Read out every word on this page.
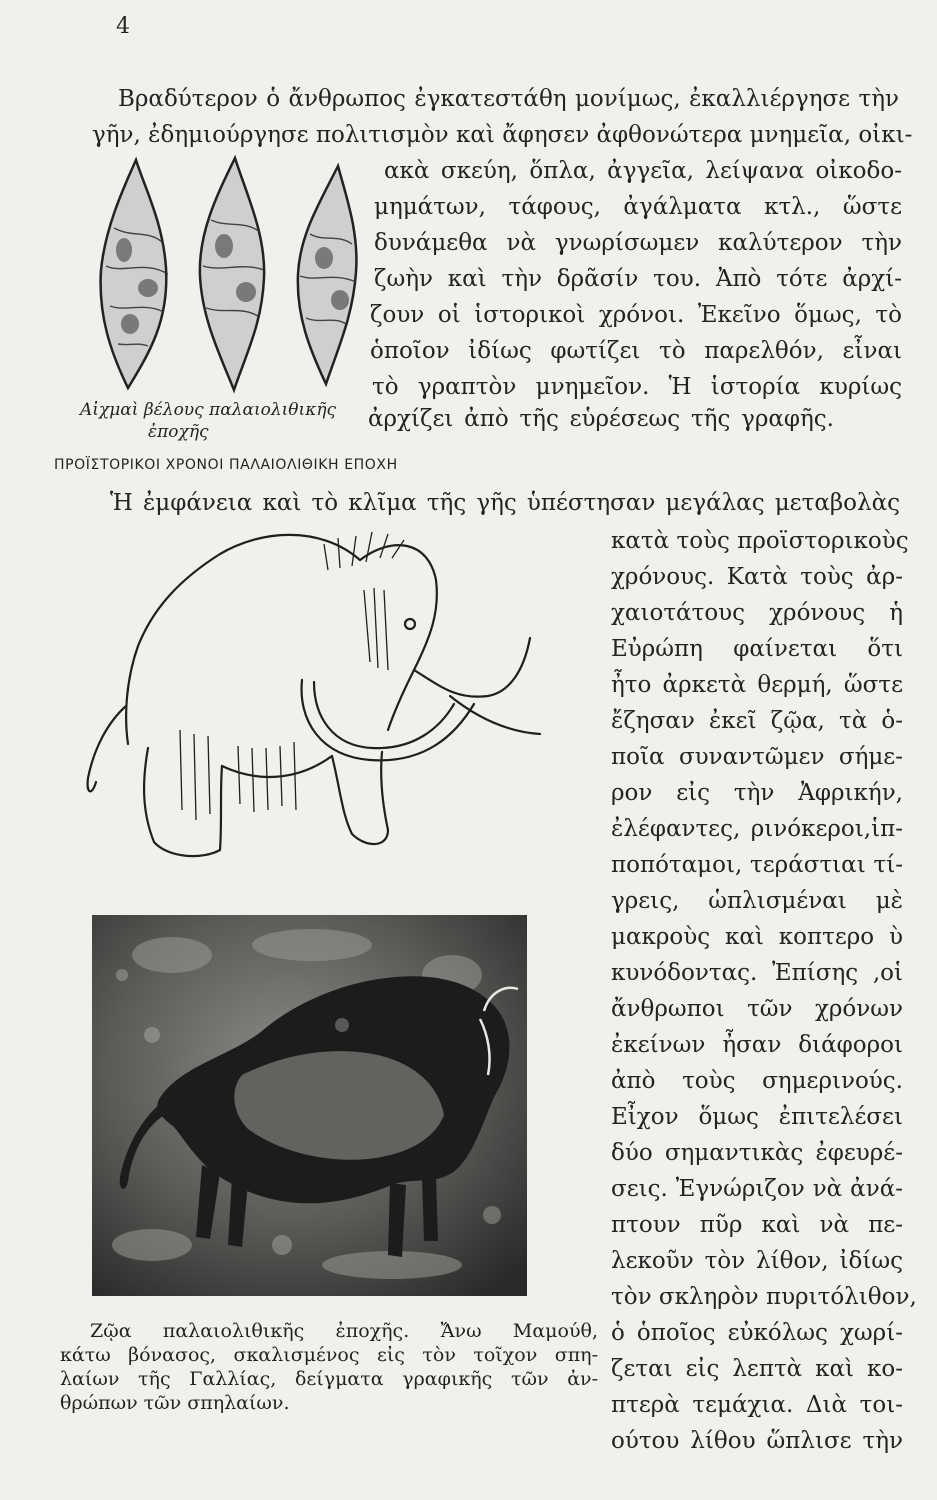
4
Βραδύτερον ὁ ἄνθρωπος ἐγκατεστάθη μονίμως, ἐκαλλιέργησε τὴν
γῆν, ἐδημιούργησε πολιτισμὸν καὶ ἄφησεν ἀφθονώτερα μνημεῖα, οἰκι-
ακὰ σκεύη, ὅπλα, ἀγγεῖα, λείψανα οἰκοδο-
μημάτων, τάφους, ἀγάλματα κτλ., ὥστε
δυνάμεθα νὰ γνωρίσωμεν καλύτερον τὴν
ζωὴν καὶ τὴν δρᾶσίν του. Ἀπὸ τότε ἀρχί-
ζουν οἱ ἱστορικοὶ χρόνοι. Ἐκεῖνο ὅμως, τὸ
ὁποῖον ἰδίως φωτίζει τὸ παρελθόν, εἶναι
τὸ γραπτὸν μνημεῖον. Ἡ ἱστορία κυρίως
Αἰχμαὶ βέλους παλαιολιθικῆς
ἐποχῆς	ἀρχίζει ἀπὸ τῆς εὑρέσεως τῆς γραφῆς.
ΠΡΟΪΣΤΟΡΙΚΟΙ ΧΡΟΝΟΙ ΠΑΛΑΙΟΛΙΘΙΚΗ ΕΠΟΧΗ
Ἡ ἐμφάνεια καὶ τὸ κλῖμα τῆς γῆς ὑπέστησαν μεγάλας μεταβολὰς
κατὰ τοὺς προϊστορικοὺς
χρόνους. Κατὰ τοὺς ἀρ-
χαιοτάτους χρόνους ἡ
Εὐρώπη φαίνεται ὅτι
ἦτο ἀρκετὰ θερμή, ὥστε
ἔζησαν ἐκεῖ ζῷα, τὰ ὁ-
ποῖα συναντῶμεν σήμε-
ρον εἰς τὴν Ἀφρικήν,
ἐλέφαντες, ρινόκεροι,ἱπ-
ποπόταμοι, τεράστιαι τί-
γρεις, ὡπλισμέναι μὲ
μακροὺς καὶ κοπτερο ὺ
κυνόδοντας. Ἐπίσης ,οἱ
ἄνθρωποι τῶν χρόνων
ἐκείνων ἦσαν διάφοροι
ἀπὸ τοὺς σημερινούς.
Εἶχον ὅμως ἐπιτελέσει
δύο σημαντικὰς ἐφευρέ-
σεις. Ἐγνώριζον νὰ ἀνά-
πτουν πῦρ καὶ νὰ πε-
λεκοῦν τὸν λίθον, ἰδίως
τὸν σκληρὸν πυριτόλιθον,
ὁ ὁποῖος εὐκόλως χωρί-
ζεται εἰς λεπτὰ καὶ κο-
πτερὰ τεμάχια. Διὰ τοι-
ούτου λίθου ὥπλισε τὴν
Ζῷα παλαιολιθικῆς ἐποχῆς. Ἄνω Μαμούθ,
κάτω βόνασος, σκαλισμένος εἰς τὸν τοῖχον σπη-
λαίων τῆς Γαλλίας, δείγματα γραφικῆς τῶν ἀν-
θρώπων τῶν σπηλαίων.
